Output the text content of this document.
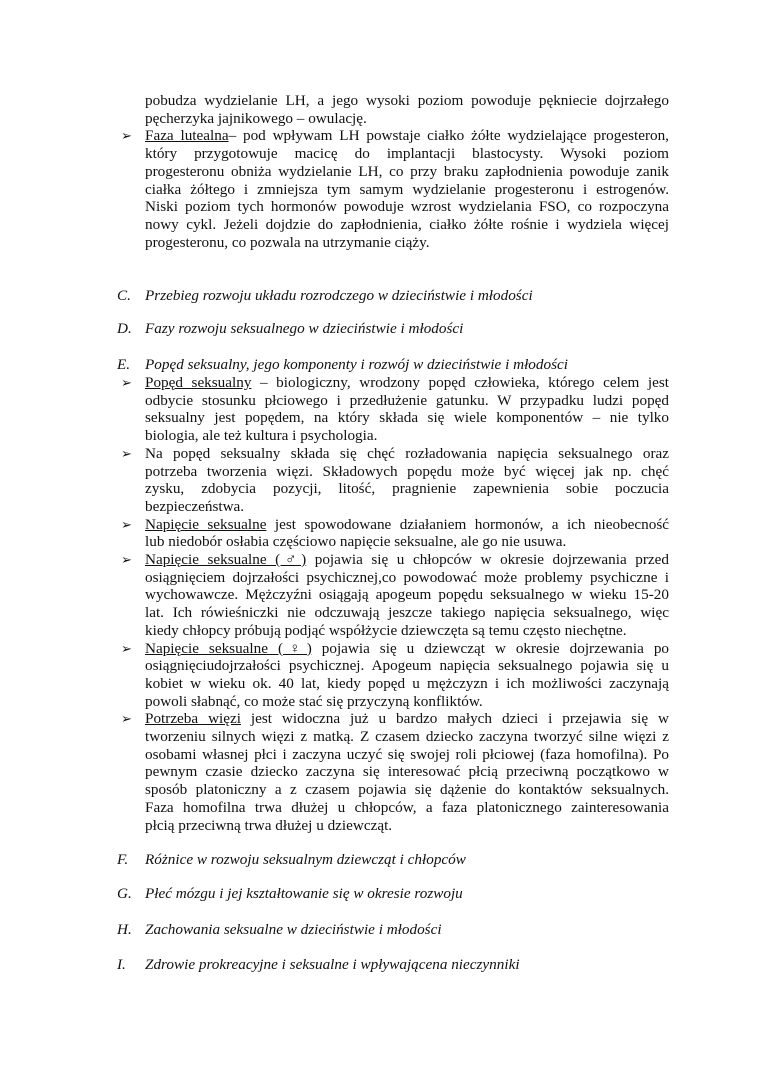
pobudza wydzielanie LH, a jego wysoki poziom powoduje pękniecie dojrzałego
pęcherzyka jajnikowego – owulację.
➢ Faza lutealna– pod wpływam LH powstaje ciałko żółte wydzielające progesteron,
który przygotowuje macicę do implantacji blastocysty. Wysoki poziom
progesteronu obniża wydzielanie LH, co przy braku zapłodnienia powoduje zanik
ciałka żółtego i zmniejsza tym samym wydzielanie progesteronu i estrogenów.
Niski poziom tych hormonów powoduje wzrost wydzielania FSO, co rozpoczyna
nowy cykl. Jeżeli dojdzie do zapłodnienia, ciałko żółte rośnie i wydziela więcej
progesteronu, co pozwala na utrzymanie ciąży.
C. Przebieg rozwoju układu rozrodczego w dzieciństwie i młodości
D. Fazy rozwoju seksualnego w dzieciństwie i młodości
E. Popęd seksualny, jego komponenty i rozwój w dzieciństwie i młodości
F. Różnice w rozwoju seksualnym dziewcząt i chłopców
G. Płeć mózgu i jej kształtowanie się w okresie rozwoju
H. Zachowania seksualne w dzieciństwie i młodości
I. Zdrowie prokreacyjne i seksualne i wpływającena nieczynniki
➢ Popęd seksualny – biologiczny, wrodzony popęd człowieka, którego celem jest
odbycie stosunku płciowego i przedłużenie gatunku. W przypadku ludzi popęd
seksualny jest popędem, na który składa się wiele komponentów – nie tylko
biologia, ale też kultura i psychologia.
➢ Na popęd seksualny składa się chęć rozładowania napięcia seksualnego oraz
potrzeba tworzenia więzi. Składowych popędu może być więcej jak np. chęć
zysku, zdobycia pozycji, litość, pragnienie zapewnienia sobie poczucia
bezpieczeństwa.
➢ Napięcie seksualne jest spowodowane działaniem hormonów, a ich nieobecność
lub niedobór osłabia częściowo napięcie seksualne, ale go nie usuwa.
➢ Napięcie seksualne (♂) pojawia się u chłopców w okresie dojrzewania przed
osiągnięciem dojrzałości psychicznej,co powodować może problemy psychiczne i
wychowawcze. Mężczyźni osiągają apogeum popędu seksualnego w wieku 15-20
lat. Ich rówieśniczki nie odczuwają jeszcze takiego napięcia seksualnego, więc
kiedy chłopcy próbują podjąć współżycie dziewczęta są temu często niechętne.
➢ Napięcie seksualne (♀) pojawia się u dziewcząt w okresie dojrzewania po
osiągnięciudojrzałości psychicznej. Apogeum napięcia seksualnego pojawia się u
kobiet w wieku ok. 40 lat, kiedy popęd u mężczyzn i ich możliwości zaczynają
powoli słabnąć, co może stać się przyczyną konfliktów.
➢ Potrzeba więzi jest widoczna już u bardzo małych dzieci i przejawia się w
tworzeniu silnych więzi z matką. Z czasem dziecko zaczyna tworzyć silne więzi z
osobami własnej płci i zaczyna uczyć się swojej roli płciowej (faza homofilna). Po
pewnym czasie dziecko zaczyna się interesować płcią przeciwną początkowo w
sposób platoniczny a z czasem pojawia się dążenie do kontaktów seksualnych.
Faza homofilna trwa dłużej u chłopców, a faza platonicznego zainteresowania
płcią przeciwną trwa dłużej u dziewcząt.
